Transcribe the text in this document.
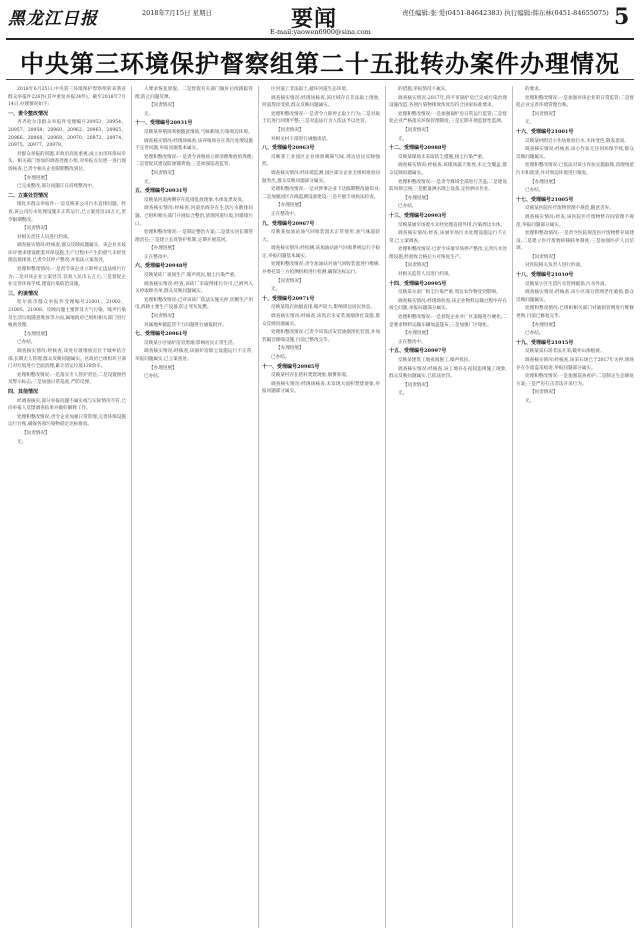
黑龙江日报	2018年7月15日 星期日	要闻
E-mail:yaowen6900@sina.com
责任编辑:张 爱(0451-84642383) 执行编辑:韩东林(0451-84655075) 5
中央第三环境保护督察组第二十五批转办案件办理情况

2018年6月25日,中央第三环境保护督察组转来我省群众举报件226件(其中重复举报24件)。截至2018年7月14日,办理情况如下:

一、责令整改情况

齐齐哈尔市群众举报件受理编号20953、20954、20957、20958、20960、20962、20963、20965、20966、20968、20969、20970、20972、20974、20975、20977、20978。

对群众举报的问题,市政府高度重视,成立由市环保局牵头、相关部门参加的调查处理小组,对举报点位逐一进行现场核查,已责令相关企业限期整改到位。

【办理进展】

已完成整改,部分问题正在持续整改中。

二、立案处罚情况

绥化市群众举报件:一是反映某公司污水直排问题。经查,该公司污水处理设施未正常运行,已立案处罚10万元,责令限期整改。

【问责情况】

对相关责任人员进行约谈。

调查核实情况:经核查,群众反映问题属实。该企业未按环评要求建设配套环保设施,生产过程中产生的废气未经处理直接排放,已责令其停产整改,并依法立案查处。

处理和整改情况:一是责令该企业立即停止违法排污行为;二是对该企业立案处罚,罚款人民币五万元;三是督促企业完善环保手续,建设污染防治设施。

三、约谈情况

哈尔滨市群众举报件受理编号21001、21003、21005、21008。反映问题主要涉及大气污染、噪声污染及生活垃圾随意堆放等方面,属地政府已组织相关部门进行核查处理。

【办理进展】

已办结。

调查核实情况:经核查,该处垃圾堆放点位于城乡结合部,长期无人管理,群众反映问题属实。区政府已组织环卫部门对垃圾进行全面清理,累计清运垃圾120余车。

处理和整改情况:一是落实专人管护责任;二是设置围挡及警示标志;三是加强日常巡查,严防反弹。

四、其他情况

经调查核实,部分举报问题不属实或与实际情况不符,已向举报人反馈调查结果并做好解释工作。

处理和整改情况:责令企业加强日常管理,完善环保设施运行台账,确保各项污染物稳定达标排放。

【问责情况】

无。

人要求恢复原貌。二是督促有关部门做好后续跟踪管理,防止问题反弹。

【问责情况】

无。

十一、受理编号20931号

反映某养殖场粪便随意堆放,气味难闻,污染周边环境。

调查核实情况:经现场核查,该养殖场存在粪污处理设施不完善问题,举报问题基本属实。

处理和整改情况:一是责令养殖场立即清理堆放的粪便;二是督促其建设防渗储粪池;三是加强巡查监管。

【问责情况】

无。

五、受理编号20931号

反映某河道两侧存在乱排乱放现象,水体发黑发臭。

调查核实情况:经核查,河道沿线存在生活污水散排问题。已组织相关部门开展综合整治,清理河道垃圾,封堵排污口。

处理和整改情况:一是制定整治方案;二是落实河长制管理责任;三是建立长效管护机制,定期开展巡河。

【办理进展】

正在整改中。

六、受理编号20948号

反映某砖厂夜间生产,噪声扰民,烟尘污染严重。

调查核实情况:经查,该砖厂未取得排污许可,已被列入关停取缔名单,群众反映问题属实。

处理和整改情况:已对该砖厂依法实施关停,切断生产用电,拆除主要生产设备,防止死灰复燃。

【问责情况】

对属地乡镇监管不力问题进行通报批评。

七、受理编号20961号

反映某小区锅炉房冒黑烟,影响居民正常生活。

调查核实情况:经核查,该锅炉房除尘设施运行不正常,举报问题属实,已立案查处。

【办理进展】

已办结。

区河道上非法取土,破坏河道生态环境。

调查核实情况:经现场核查,该区域存在非法取土现象,河道堤岸受损,群众反映问题属实。

处理和整改情况:一是责令立即停止取土行为;二是对取土坑进行回填平整;三是对违法行为人依法予以处罚。

【问责情况】

对相关村干部进行诫勉谈话。

八、受理编号20963号

反映某工业园区企业排放刺鼻气味,周边居民反映强烈。

调查核实情况:经环境监测,园区部分企业无组织排放问题突出,群众反映问题部分属实。

处理和整改情况:一是对涉事企业下达限期整改通知书;二是加强园区在线监测设备建设;三是开展专项执法检查。

【办理进展】

正在整改中。

九、受理编号20967号

反映某加油站油气回收装置未正常使用,油气味道较大。

调查核实情况:经检测,该加油站油气回收系统运行不稳定,举报问题基本属实。

处理和整改情况:责令加油站对油气回收装置进行维修,并委托第三方检测机构进行检测,确保达标运行。

【问责情况】

无。

十、受理编号20971号

反映某饭店油烟直排,噪声较大,影响周边居民休息。

调查核实情况:经核查,该饭店未安装油烟净化设施,群众反映问题属实。

处理和整改情况:已责令该饭店安装油烟净化装置,并加装隔音降噪设施,目前已整改完毕。

【办理进展】

已办结。

十一、受理编号20985号

反映某村存在秸秆焚烧现象,烟雾弥漫。

调查核实情况:经现场核查,未发现大面积焚烧迹象,举报问题部分属实。

的措施,举报情况不属实。

调查核实情况:2017年,四平市锅炉房已完成污染治理设施改造,各项污染物排放浓度均符合国家标准要求。

处理和整改情况:一是加强锅炉房日常运行监管;二是督促企业严格落实环保管理制度;三是定期开展监督性监测。

【问责情况】

无。

十二、受理编号20988号

反映某煤场未采取防尘措施,扬尘污染严重。

调查核实情况:经核查,该煤场露天堆放,未完全覆盖,群众反映问题属实。

处理和整改情况:一是责令煤场全部进行苫盖;二是建设防风抑尘网;三是配备洒水降尘设备,定时洒水作业。

【办理进展】

已办结。

十三、受理编号20993号

反映某屠宰场废水未经处理直接外排,污染周边水体。

调查核实情况:经查,该屠宰场污水处理设施运行不正常,已立案调查。

处理和整改情况:已责令该屠宰场停产整改,完善污水处理设施,经验收合格后方可恢复生产。

【问责情况】

对相关监管人员进行约谈。

十四、受理编号20995号

反映某水泥厂粉尘污染严重,周边农作物受到影响。

调查核实情况:经现场检查,该企业物料运输过程中存在扬尘问题,举报问题部分属实。

处理和整改情况:一是督促企业对厂区道路进行硬化;二是要求物料运输车辆加盖篷布;三是加强厂区绿化。

【办理进展】

正在整改中。

十五、受理编号20997号

反映某建筑工地夜间施工,噪声扰民。

调查核实情况:经核查,该工地存在夜间违规施工现象,群众反映问题属实,已依法处罚。

【问责情况】

无。

的要求。

处理和整改情况:一是加强对该企业的日常监管;二是督促企业完善环境管理台账。

【问责情况】

无。

十六、受理编号21001号

反映某村附近小作坊排放污水,水体变色,散发恶臭。

调查核实情况:经核查,该小作坊无任何环保手续,群众反映问题属实。

处理和整改情况:已依法对该小作坊实施取缔,清理残留污水和废渣,并对周边环境进行恢复。

【办理进展】

已办结。

十七、受理编号21005号

反映某医院医疗废物管理不规范,随意丢弃。

调查核实情况:经查,该医院医疗废物暂存间管理不规范,举报问题部分属实。

处理和整改情况:一是责令医院规范医疗废物暂存间建设;二是建立医疗废物转移联单制度;三是加强医护人员培训。

【问责情况】

对医院相关负责人进行约谈。

十八、受理编号21010号

反映某小区生活污水管网破损,污水外溢。

调查核实情况:经核查,该小区部分管网老化破损,群众反映问题属实。

处理和整改情况:已组织相关部门对破损管网进行维修更换,目前已修复完毕。

【办理进展】

已办结。

十九、受理编号21015号

反映某采石场非法开采,破坏山体植被。

调查核实情况:经核查,该采石场已于2017年关停,现场存在少量盗采痕迹,举报问题部分属实。

处理和整改情况:一是加强巡查看护;二是制定生态修复方案;三是严厉打击非法开采行为。

【问责情况】

无。
